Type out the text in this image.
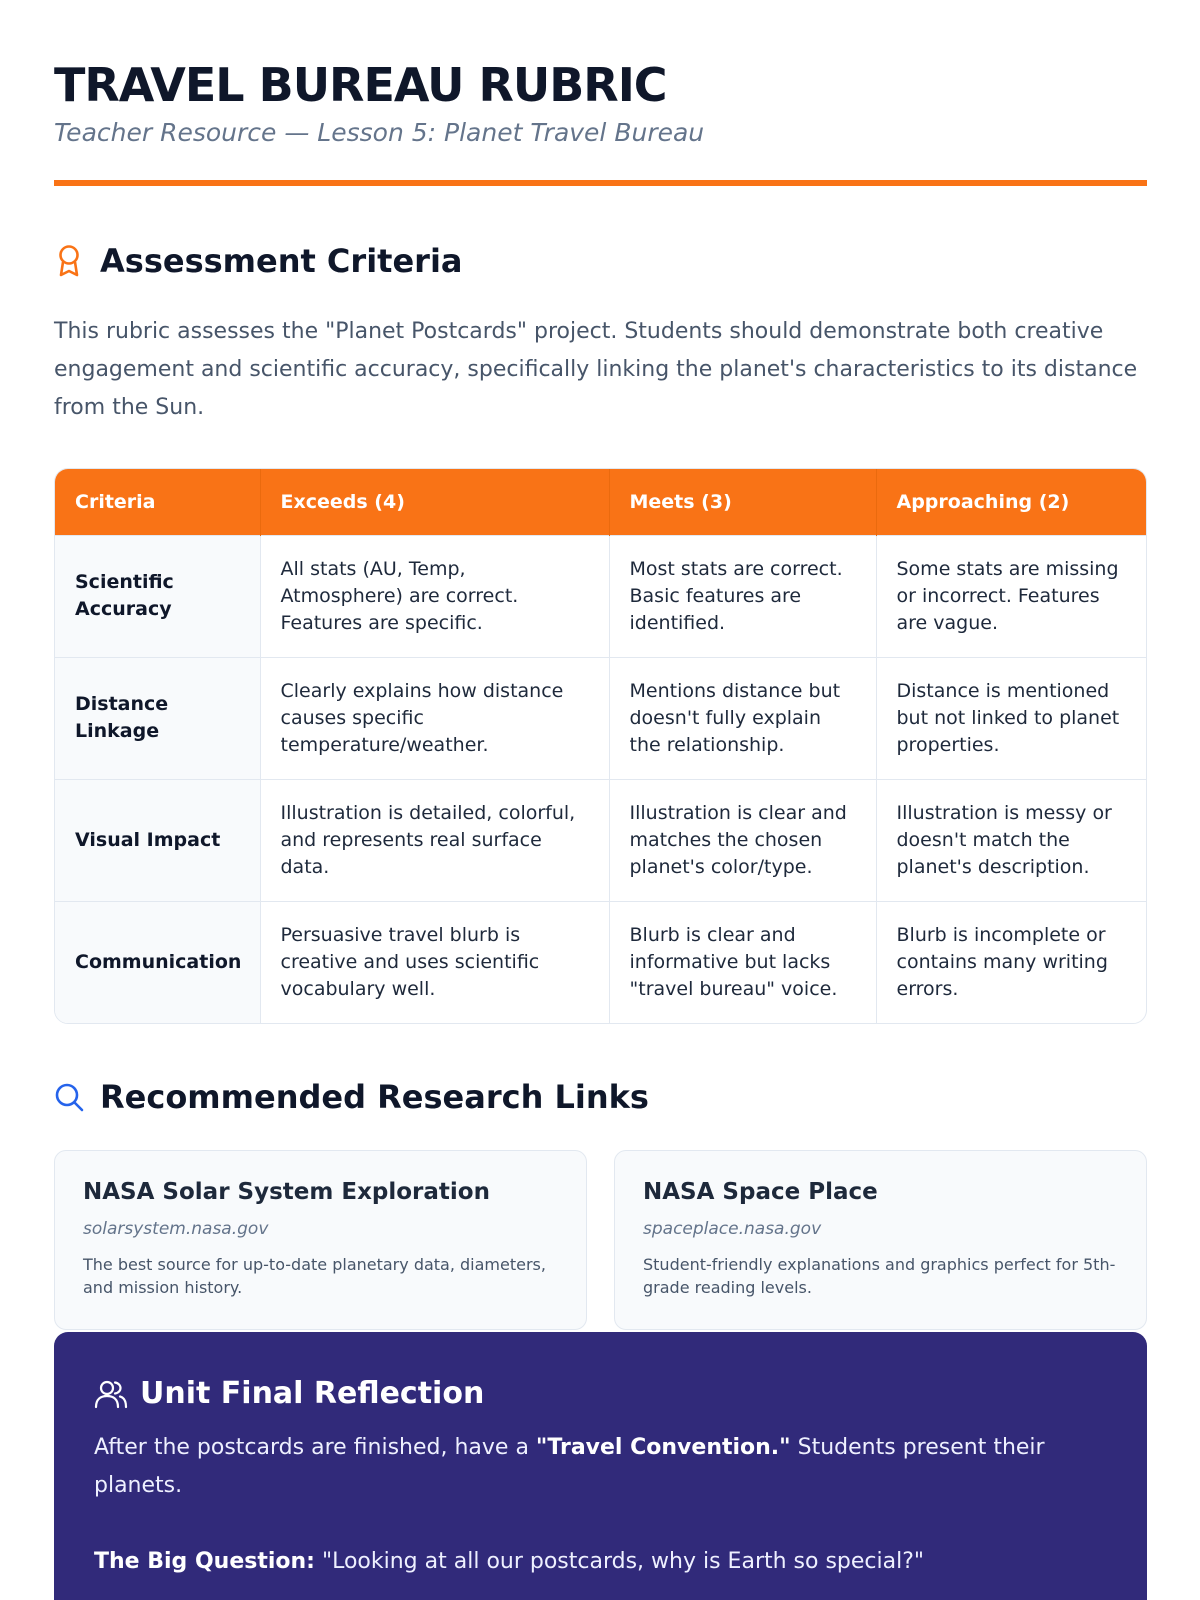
TRAVEL BUREAU RUBRIC
Teacher Resource — Lesson 5: Planet Travel Bureau
Assessment Criteria

This rubric assesses the "Planet Postcards" project. Students should demonstrate both creative engagement and scientific accuracy, specifically linking the planet's characteristics to its distance from the Sun.

Criteria	Exceeds (4)	Meets (3)	Approaching (2)
Scientific Accuracy	All stats (AU, Temp, Atmosphere) are correct. Features are specific.	Most stats are correct. Basic features are identified.	Some stats are missing or incorrect. Features are vague.
Distance Linkage	Clearly explains how distance causes specific temperature/weather.	Mentions distance but doesn't fully explain the relationship.	Distance is mentioned but not linked to planet properties.
Visual Impact	Illustration is detailed, colorful, and represents real surface data.	Illustration is clear and matches the chosen planet's color/type.	Illustration is messy or doesn't match the planet's description.
Communication	Persuasive travel blurb is creative and uses scientific vocabulary well.	Blurb is clear and informative but lacks "travel bureau" voice.	Blurb is incomplete or contains many writing errors.
Recommended Research Links
NASA Solar System Exploration
solarsystem.nasa.gov
The best source for up-to-date planetary data, diameters, and mission history.
NASA Space Place
spaceplace.nasa.gov
Student-friendly explanations and graphics perfect for 5th-grade reading levels.
Unit Final Reflection

After the postcards are finished, have a "Travel Convention." Students present their planets.

The Big Question: "Looking at all our postcards, why is Earth so special?"
